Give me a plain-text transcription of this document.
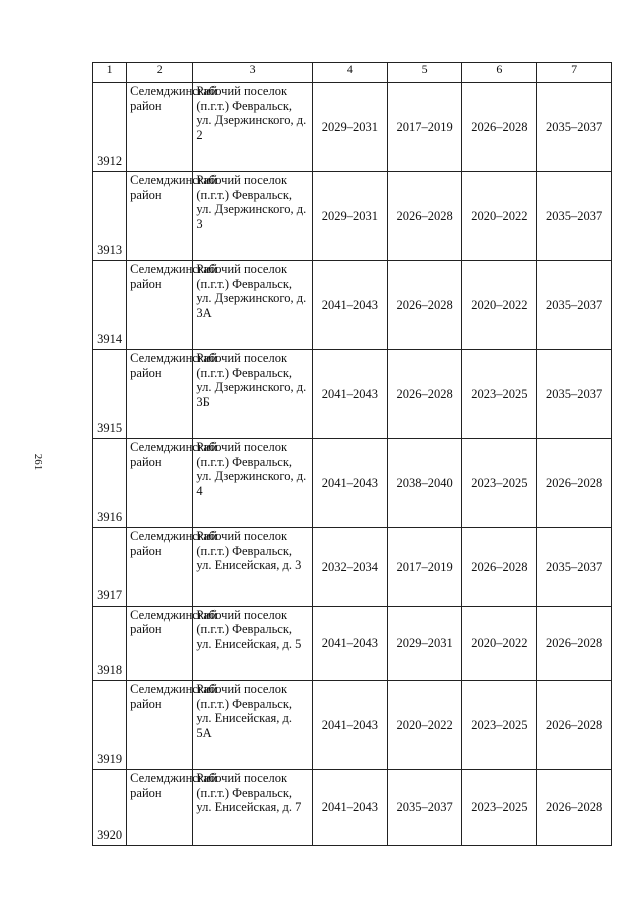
261
1	2	3	4	5	6	7
3912	Селемджинский район	Рабочий поселок (п.г.т.) Февральск, ул. Дзержинского, д. 2	2029–2031	2017–2019	2026–2028	2035–2037
3913	Селемджинский район	Рабочий поселок (п.г.т.) Февральск, ул. Дзержинского, д. 3	2029–2031	2026–2028	2020–2022	2035–2037
3914	Селемджинский район	Рабочий поселок (п.г.т.) Февральск, ул. Дзержинского, д. 3А	2041–2043	2026–2028	2020–2022	2035–2037
3915	Селемджинский район	Рабочий поселок (п.г.т.) Февральск, ул. Дзержинского, д. 3Б	2041–2043	2026–2028	2023–2025	2035–2037
3916	Селемджинский район	Рабочий поселок (п.г.т.) Февральск, ул. Дзержинского, д. 4	2041–2043	2038–2040	2023–2025	2026–2028
3917	Селемджинский район	Рабочий поселок (п.г.т.) Февральск, ул. Енисейская, д. 3	2032–2034	2017–2019	2026–2028	2035–2037
3918	Селемджинский район	Рабочий поселок (п.г.т.) Февральск, ул. Енисейская, д. 5	2041–2043	2029–2031	2020–2022	2026–2028
3919	Селемджинский район	Рабочий поселок (п.г.т.) Февральск, ул. Енисейская, д. 5А	2041–2043	2020–2022	2023–2025	2026–2028
3920	Селемджинский район	Рабочий поселок (п.г.т.) Февральск, ул. Енисейская, д. 7	2041–2043	2035–2037	2023–2025	2026–2028
